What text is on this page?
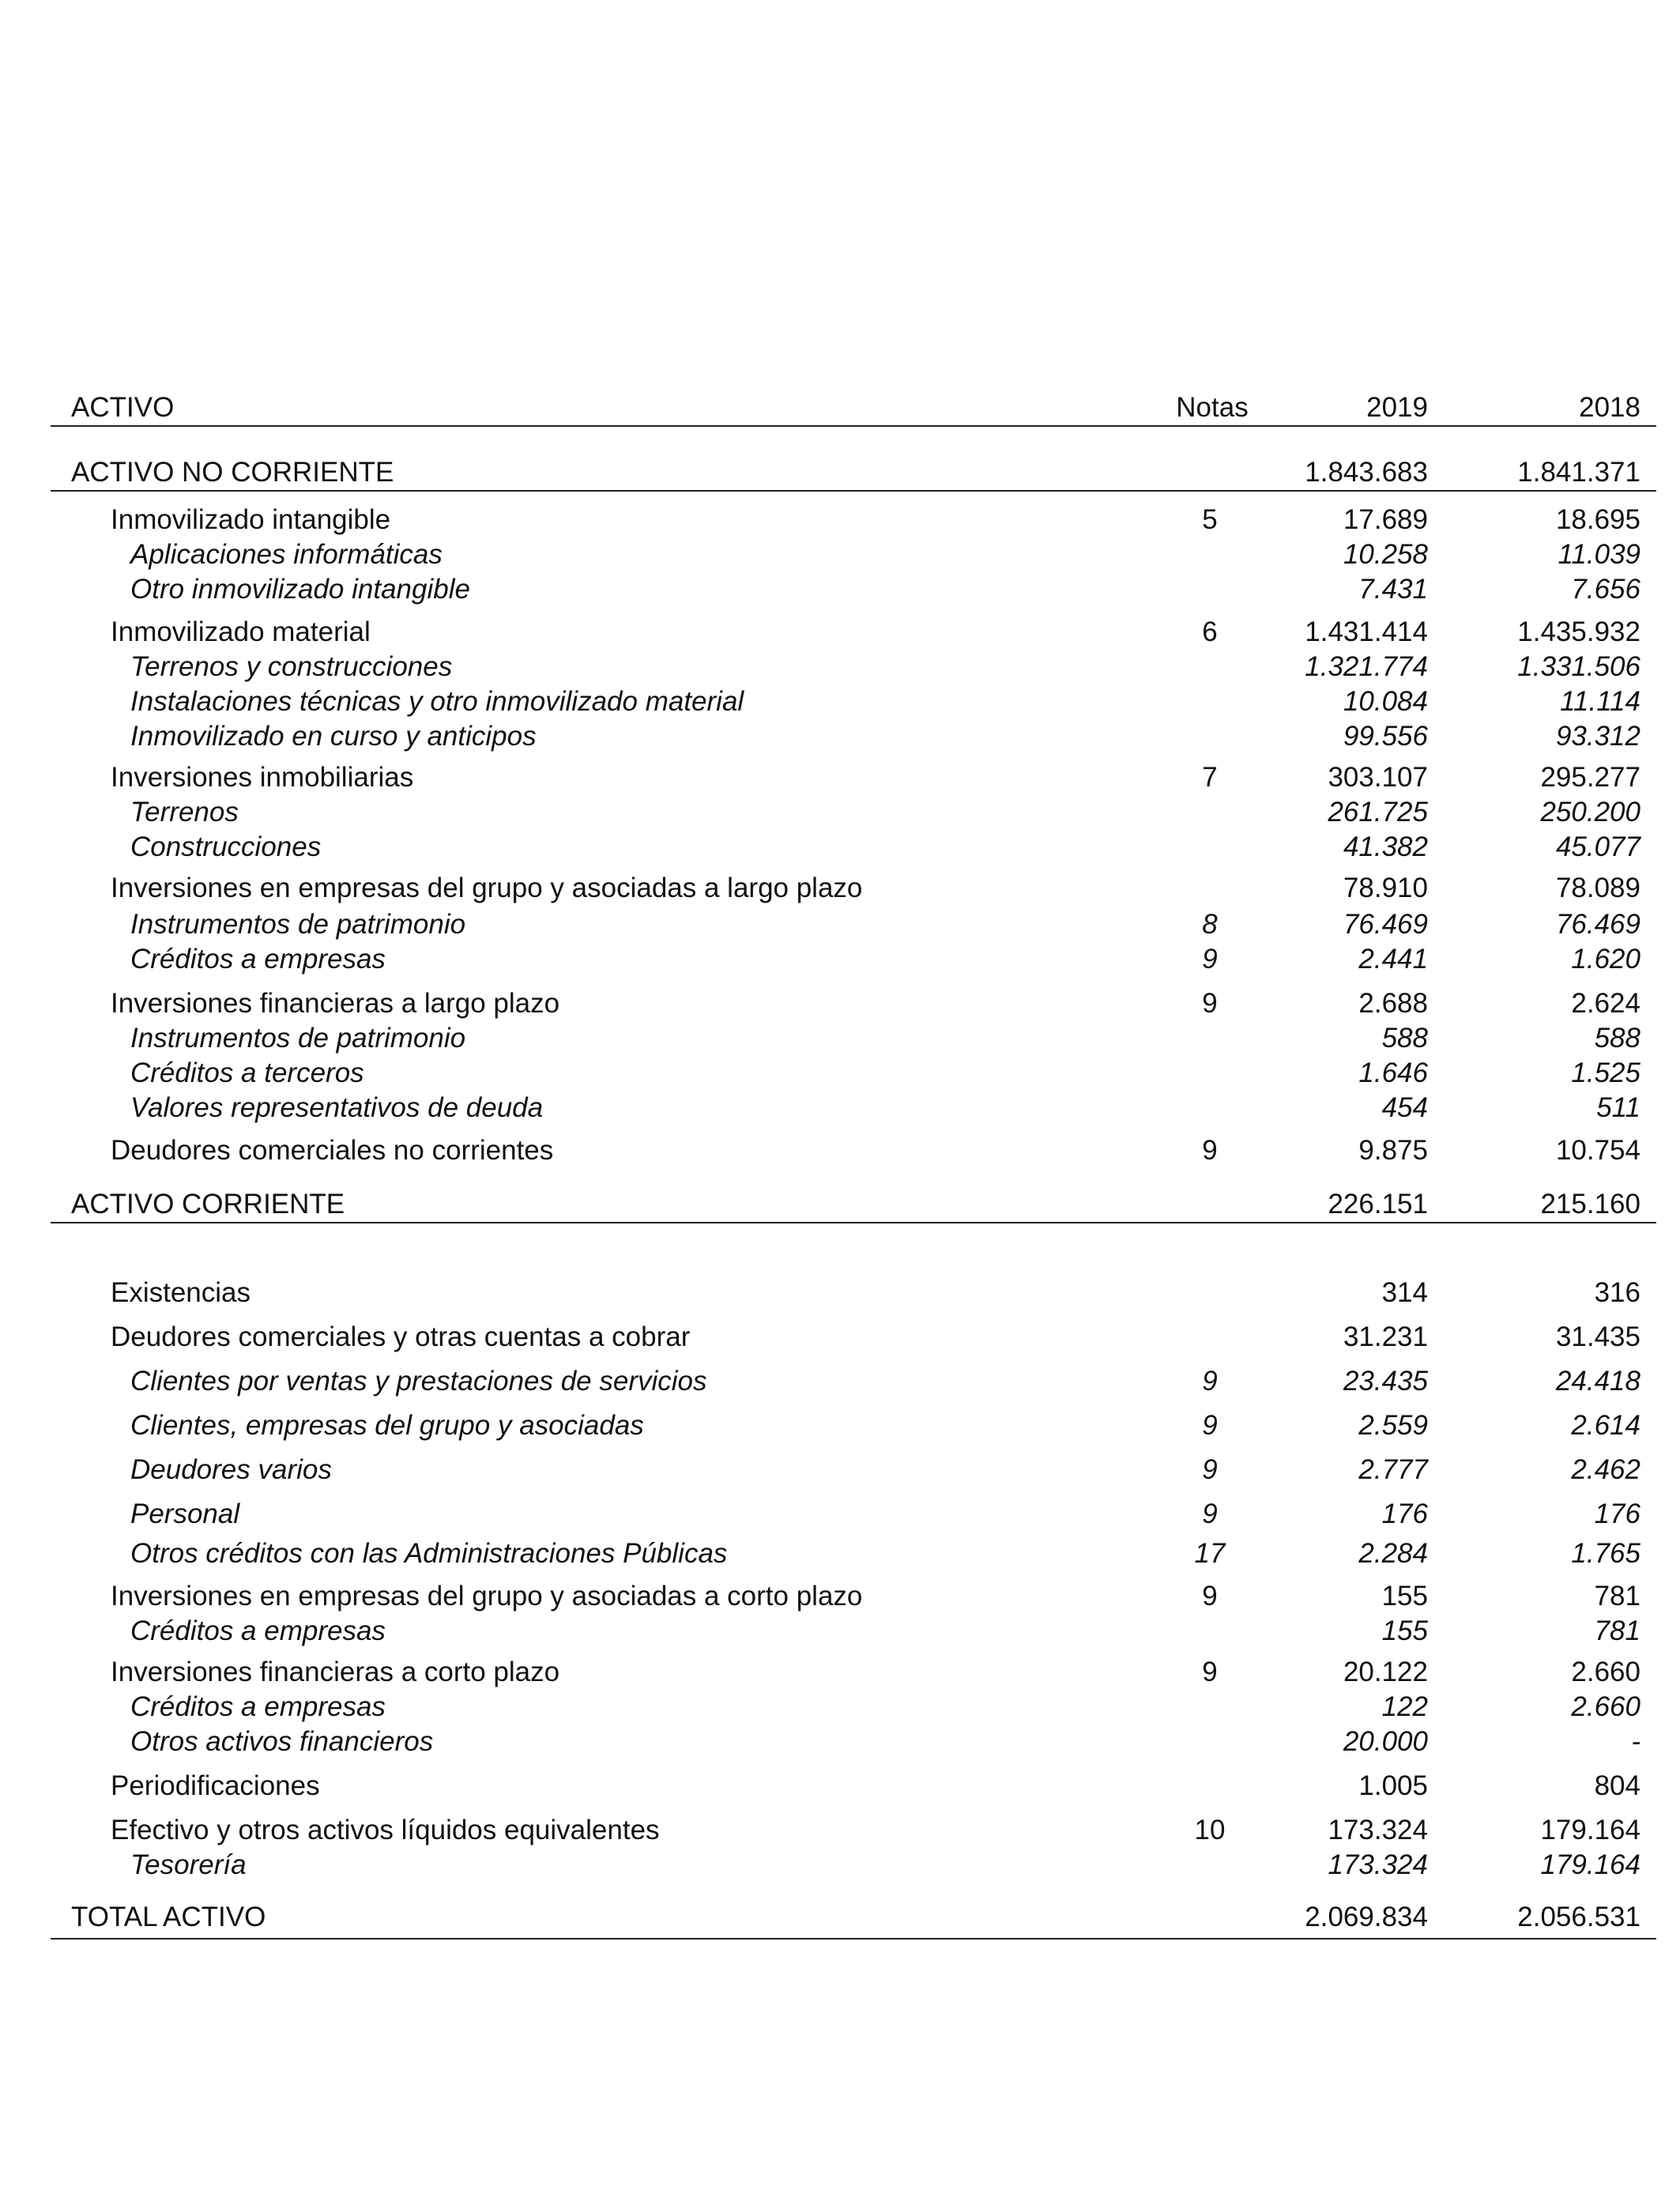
ACTIVO	Notas	2019	2018
ACTIVO NO CORRIENTE	1.843.683	1.841.371
Inmovilizado intangible	5	17.689	18.695
Aplicaciones informáticas	10.258	11.039
Otro inmovilizado intangible	7.431	7.656
Inmovilizado material	6	1.431.414	1.435.932
Terrenos y construcciones	1.321.774	1.331.506
Instalaciones técnicas y otro inmovilizado material	10.084	11.114
Inmovilizado en curso y anticipos	99.556	93.312
Inversiones inmobiliarias	7	303.107	295.277
Terrenos	261.725	250.200
Construcciones	41.382	45.077
Inversiones en empresas del grupo y asociadas a largo plazo	78.910	78.089
Instrumentos de patrimonio	8	76.469	76.469
Créditos a empresas	9	2.441	1.620
Inversiones financieras a largo plazo	9	2.688	2.624
Instrumentos de patrimonio	588	588
Créditos a terceros	1.646	1.525
Valores representativos de deuda	454	511
Deudores comerciales no corrientes	9	9.875	10.754
ACTIVO CORRIENTE	226.151	215.160
Existencias	314	316
Deudores comerciales y otras cuentas a cobrar	31.231	31.435
Clientes por ventas y prestaciones de servicios	9	23.435	24.418
Clientes, empresas del grupo y asociadas	9	2.559	2.614
Deudores varios	9	2.777	2.462
Personal	9	176	176
Otros créditos con las Administraciones Públicas	17	2.284	1.765
Inversiones en empresas del grupo y asociadas a corto plazo	9	155	781
Créditos a empresas	155	781
Inversiones financieras a corto plazo	9	20.122	2.660
Créditos a empresas	122	2.660
Otros activos financieros	20.000	-
Periodificaciones	1.005	804
Efectivo y otros activos líquidos equivalentes	10	173.324	179.164
Tesorería	173.324	179.164
TOTAL ACTIVO	2.069.834	2.056.531
